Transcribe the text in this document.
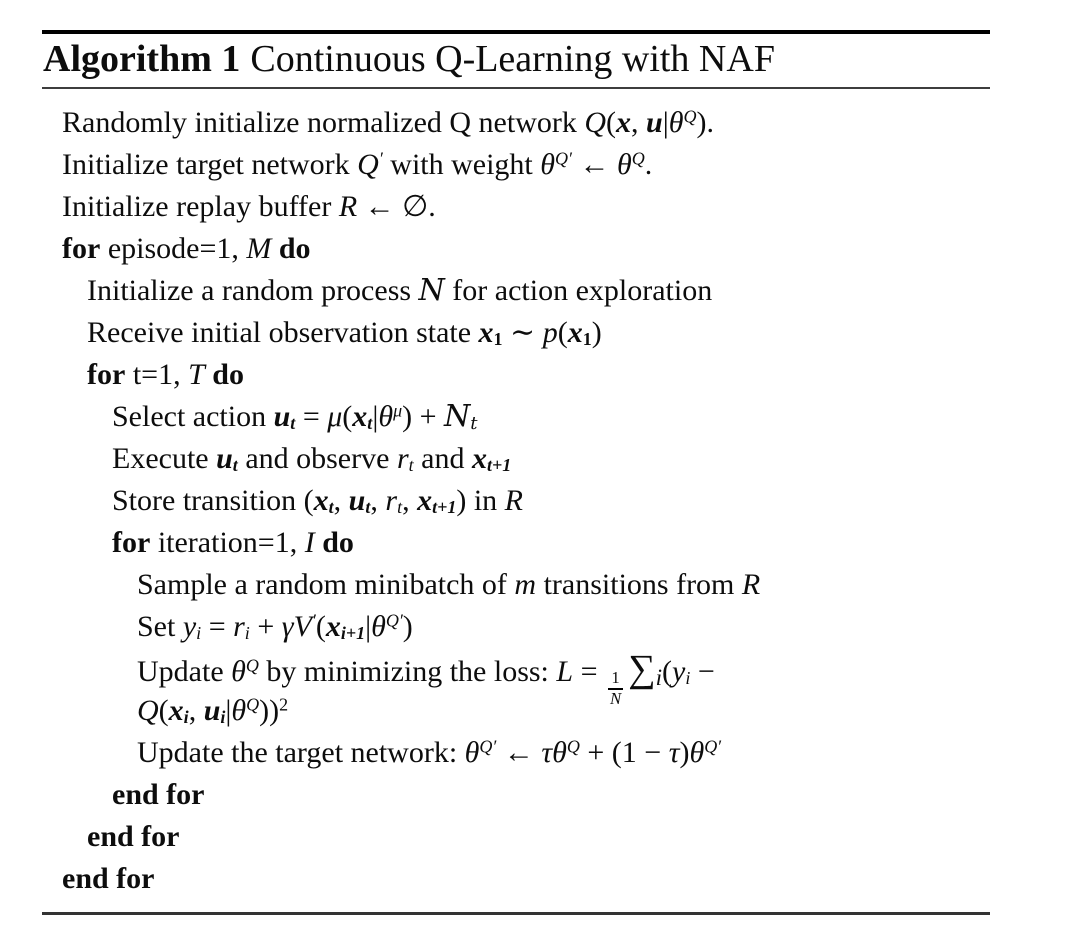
Algorithm 1 Continuous Q-Learning with NAF
Randomly initialize normalized Q network Q(x, $u|\theta^Q$).
Initialize target network Q′ with weight $\theta^{Q'}$ ← $\theta^Q$.
Initialize replay buffer R ← ∅.
for episode=1, M do
Initialize a random process N for action exploration
Receive initial observation state $x_1$ ∼ $p(x_1)$
for t=1, T do
Select action $u_t = \mu(x_t|\theta^\mu) + N_t$
Execute $u_t$ and observe $r_t$ and $x_{t+1}$
Store transition ($x_t$, $u_t$, $r_t$, $x_{t+1}$) in R
for iteration=1, I do
Sample a random minibatch of m transitions from R
Set $y_i = r_i + \gamma V'(x_{i+1}|\theta^{Q'})$
Update $\theta^Q$ by minimizing the loss: $L = \frac{1}{N} \sum_i(y_i$ −
$Q(x_i$, $u_i|\theta^Q))^2$
Update the target network: $\theta^{Q'}$ ← $\tau\theta^Q + (1 - \tau)\theta^{Q'}$
end for
end for
end for
